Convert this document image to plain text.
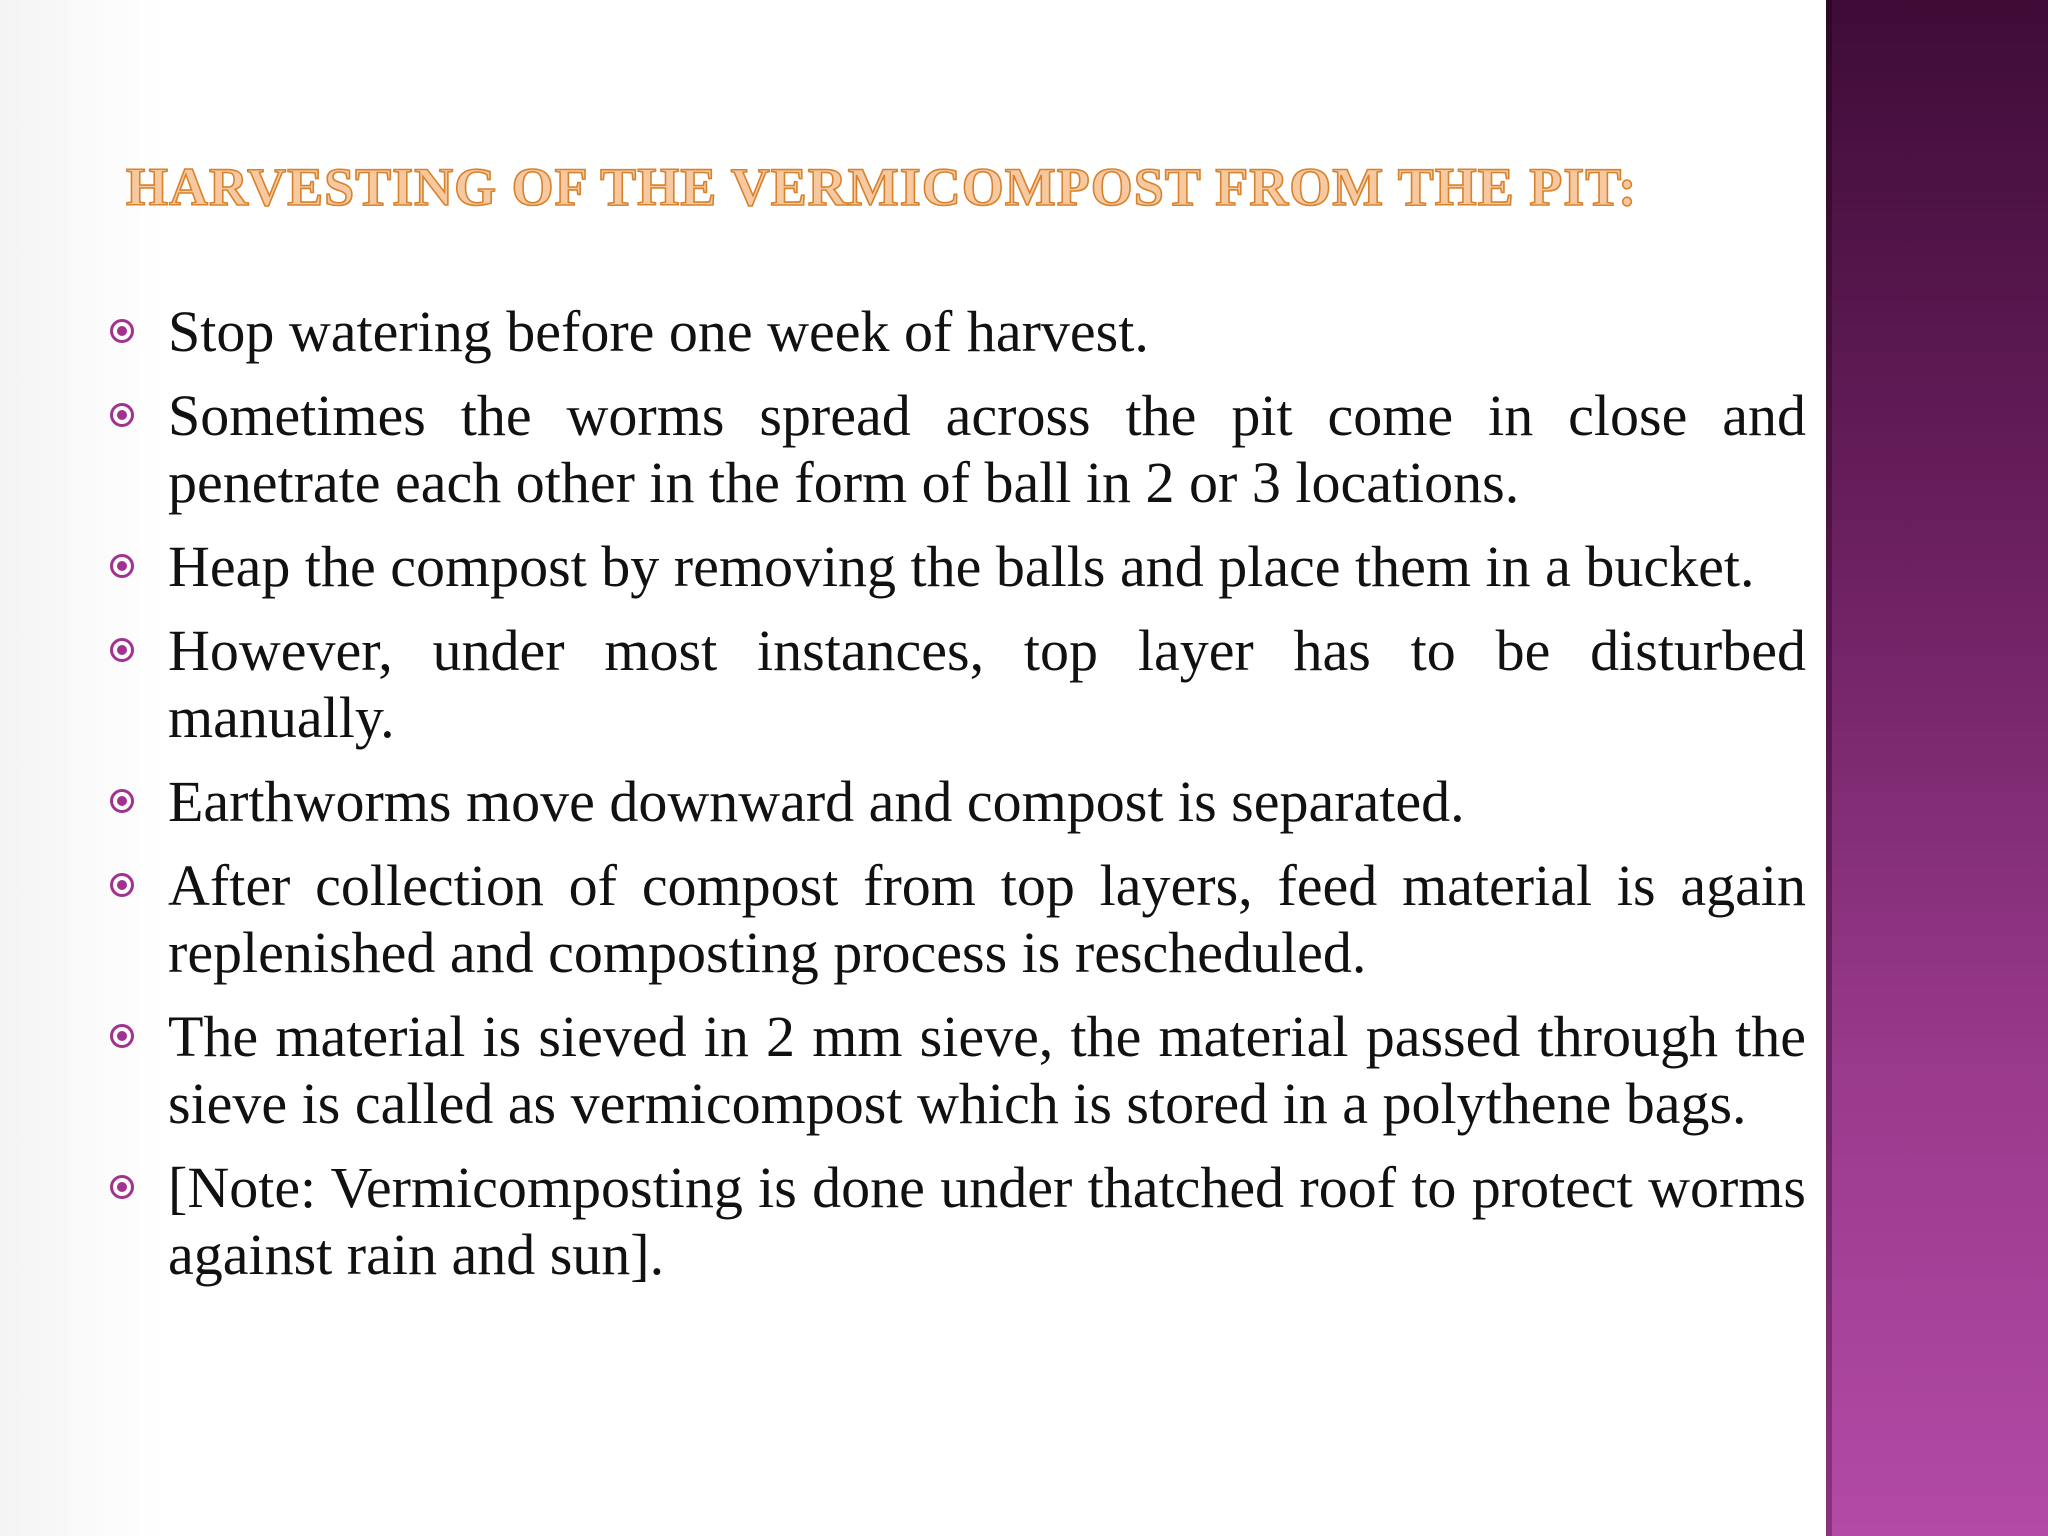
HARVESTING OF THE VERMICOMPOST FROM THE PIT:
Stop watering before one week of harvest.
Sometimes the worms spread across the pit come in close and penetrate each other in the form of ball in 2 or 3 locations.
Heap the compost by removing the balls and place them in a bucket.
However, under most instances, top layer has to be disturbed manually.
Earthworms move downward and compost is separated.
After collection of compost from top layers, feed material is again replenished and composting process is rescheduled.
The material is sieved in 2 mm sieve, the material passed through the sieve is called as vermicompost which is stored in a polythene bags.
[Note: Vermicomposting is done under thatched roof to protect worms against rain and sun].
